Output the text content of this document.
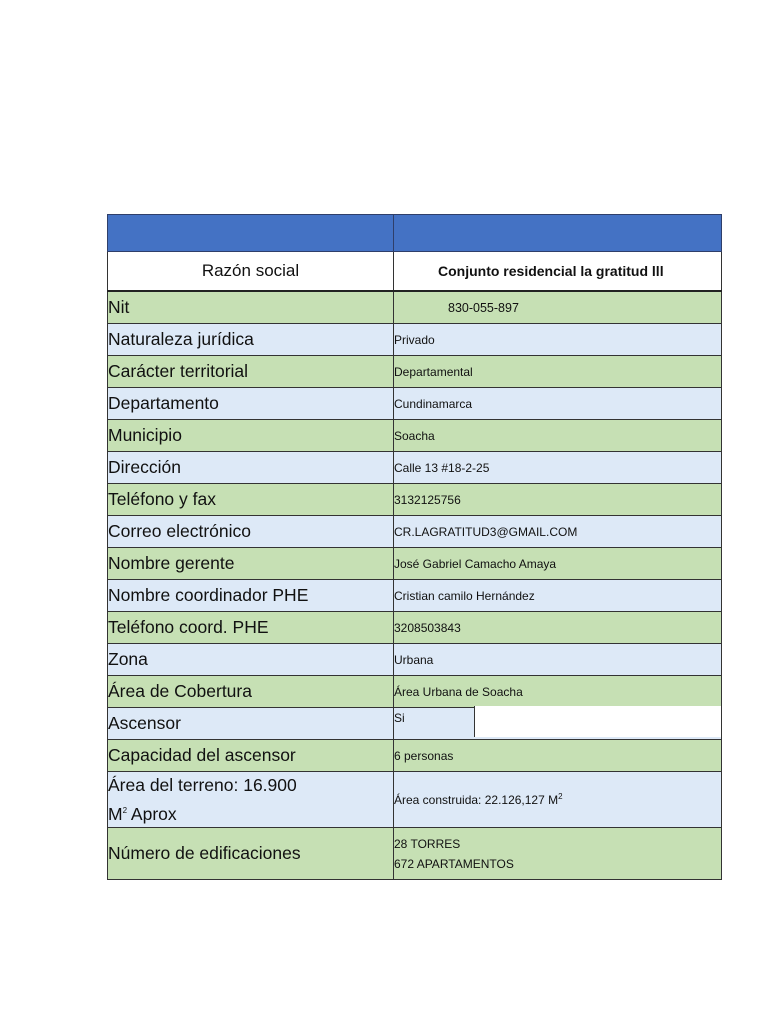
Razón social	Conjunto residencial la gratitud lll
Nit	830-055-897
Naturaleza jurídica	Privado
Carácter territorial	Departamental
Departamento	Cundinamarca
Municipio	Soacha
Dirección	Calle 13 #18-2-25
Teléfono y fax	3132125756
Correo electrónico	CR.LAGRATITUD3@GMAIL.COM
Nombre gerente	José Gabriel Camacho Amaya
Nombre coordinador PHE	Cristian camilo Hernández
Teléfono coord. PHE	3208503843
Zona	Urbana
Área de Cobertura	Área Urbana de Soacha
Ascensor	Si

Capacidad del ascensor	6 personas
Área del terreno: 16.900
$M^2$ Aprox	Área construida: 22.126,127 $M^2$
Número de edificaciones	28 TORRES
672 APARTAMENTOS
